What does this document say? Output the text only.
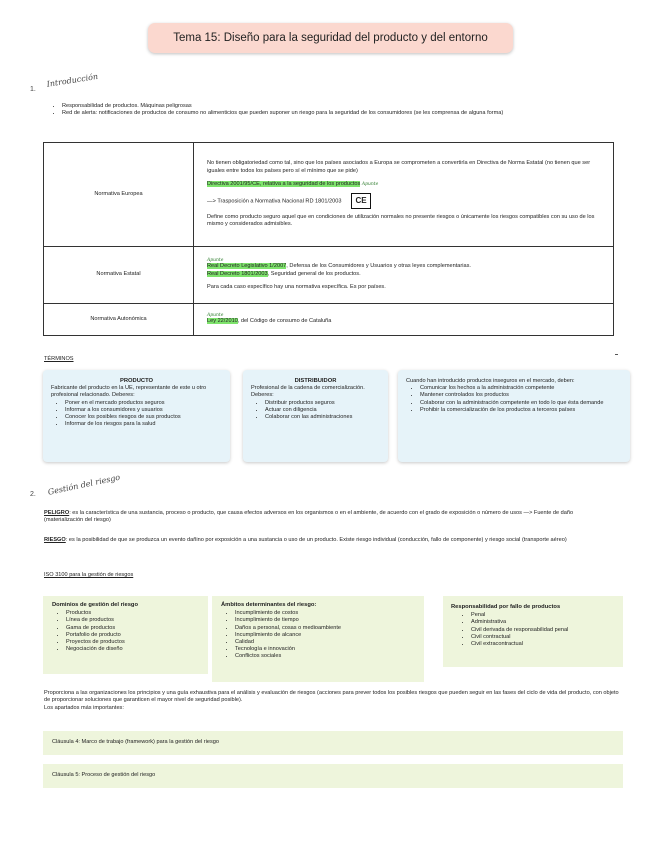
Tema 15: Diseño para la seguridad del producto y del entorno
1.
Introducción
• Responsabilidad de productos. Máquinas peligrosas
• Red de alerta: notificaciones de productos de consumo no alimenticios que pueden suponer un riesgo para la seguridad de los consumidores (se les comprensa de alguna forma)
Normativa Europea	No tienen obligatoriedad como tal, sino que los países asociados a Europa se comprometen a convertirla en Directiva de Norma Estatal (no tienen que ser iguales entre todos los países pero sí el mínimo que se pide)
Directiva 2001/95/CE, relativa a la seguridad de los productos Apunte
—> Trasposición a Normativa Nacional RD 1801/2003 CE
Define como producto seguro aquel que en condiciones de utilización normales no presente riesgos o únicamente los riesgos compatibles con su uso de los mismo y considerados admisibles.

Normativa Estatal	Apunte
Real Decreto Legislativo 1/2007, Defensa de los Consumidores y Usuarios y otras leyes complementarias.
Real Decreto 1801/2003, Seguridad general de los productos.
Para cada caso específico hay una normativa específica. Es por países.

Normativa Autonómica	Apunte
Ley 22/2010, del Código de consumo de Cataluña
TÉRMINOS
PRODUCTO
Fabricante del producto en la UE, representante de este u otro profesional relacionado. Deberes:
• Poner en el mercado productos seguros
• Informar a los consumidores y usuarios
• Conocer los posibles riesgos de sus productos
• Informar de los riesgos para la salud
DISTRIBUIDOR
Profesional de la cadena de comercialización.
Deberes:
• Distribuir productos seguros
• Actuar con diligencia
• Colaborar con las administraciones
Cuando han introducido productos inseguros en el mercado, deben:
• Comunicar los hechos a la administración competente
• Mantener controlados los productos
• Colaborar con la administración competente en todo lo que ésta demande
• Prohibir la comercialización de los productos a terceros países
2. Gestión del riesgo
PELIGRO: es la característica de una sustancia, proceso o producto, que causa efectos adversos en los organismos o en el ambiente, de acuerdo con el grado de exposición o número de usos —> Fuente de daño (materialización del riesgo)
RIESGO: es la posibilidad de que se produzca un evento dañino por exposición a una sustancia o uso de un producto. Existe riesgo individual (conducción, fallo de componente) y riesgo social (transporte aéreo)
ISO 3100 para la gestión de riesgos
Dominios de gestión del riesgo
• Productos
• Línea de productos
• Gama de productos
• Portafolio de producto
• Proyectos de productos
• Negociación de diseño
Ámbitos determinantes del riesgo:
• Incumplimiento de costos
• Incumplimiento de tiempo
• Daños a personal, cosas o medioambiente
• Incumplimiento de alcance
• Calidad
• Tecnología e innovación
• Conflictos sociales
Responsabilidad por fallo de productos
• Penal
• Administrativa
• Civil derivada de responsabilidad penal
• Civil contractual
• Civil extracontractual
Proporciona a las organizaciones los principios y una guía exhaustiva para el análisis y evaluación de riesgos (acciones para prever todos los posibles riesgos que pueden seguir en las fases del ciclo de vida del producto, con objeto de proporcionar soluciones que garanticen el mayor nivel de seguridad posible).
Los apartados más importantes:
Cláusula 4: Marco de trabajo (framework) para la gestión del riesgo
Cláusula 5: Proceso de gestión del riesgo
